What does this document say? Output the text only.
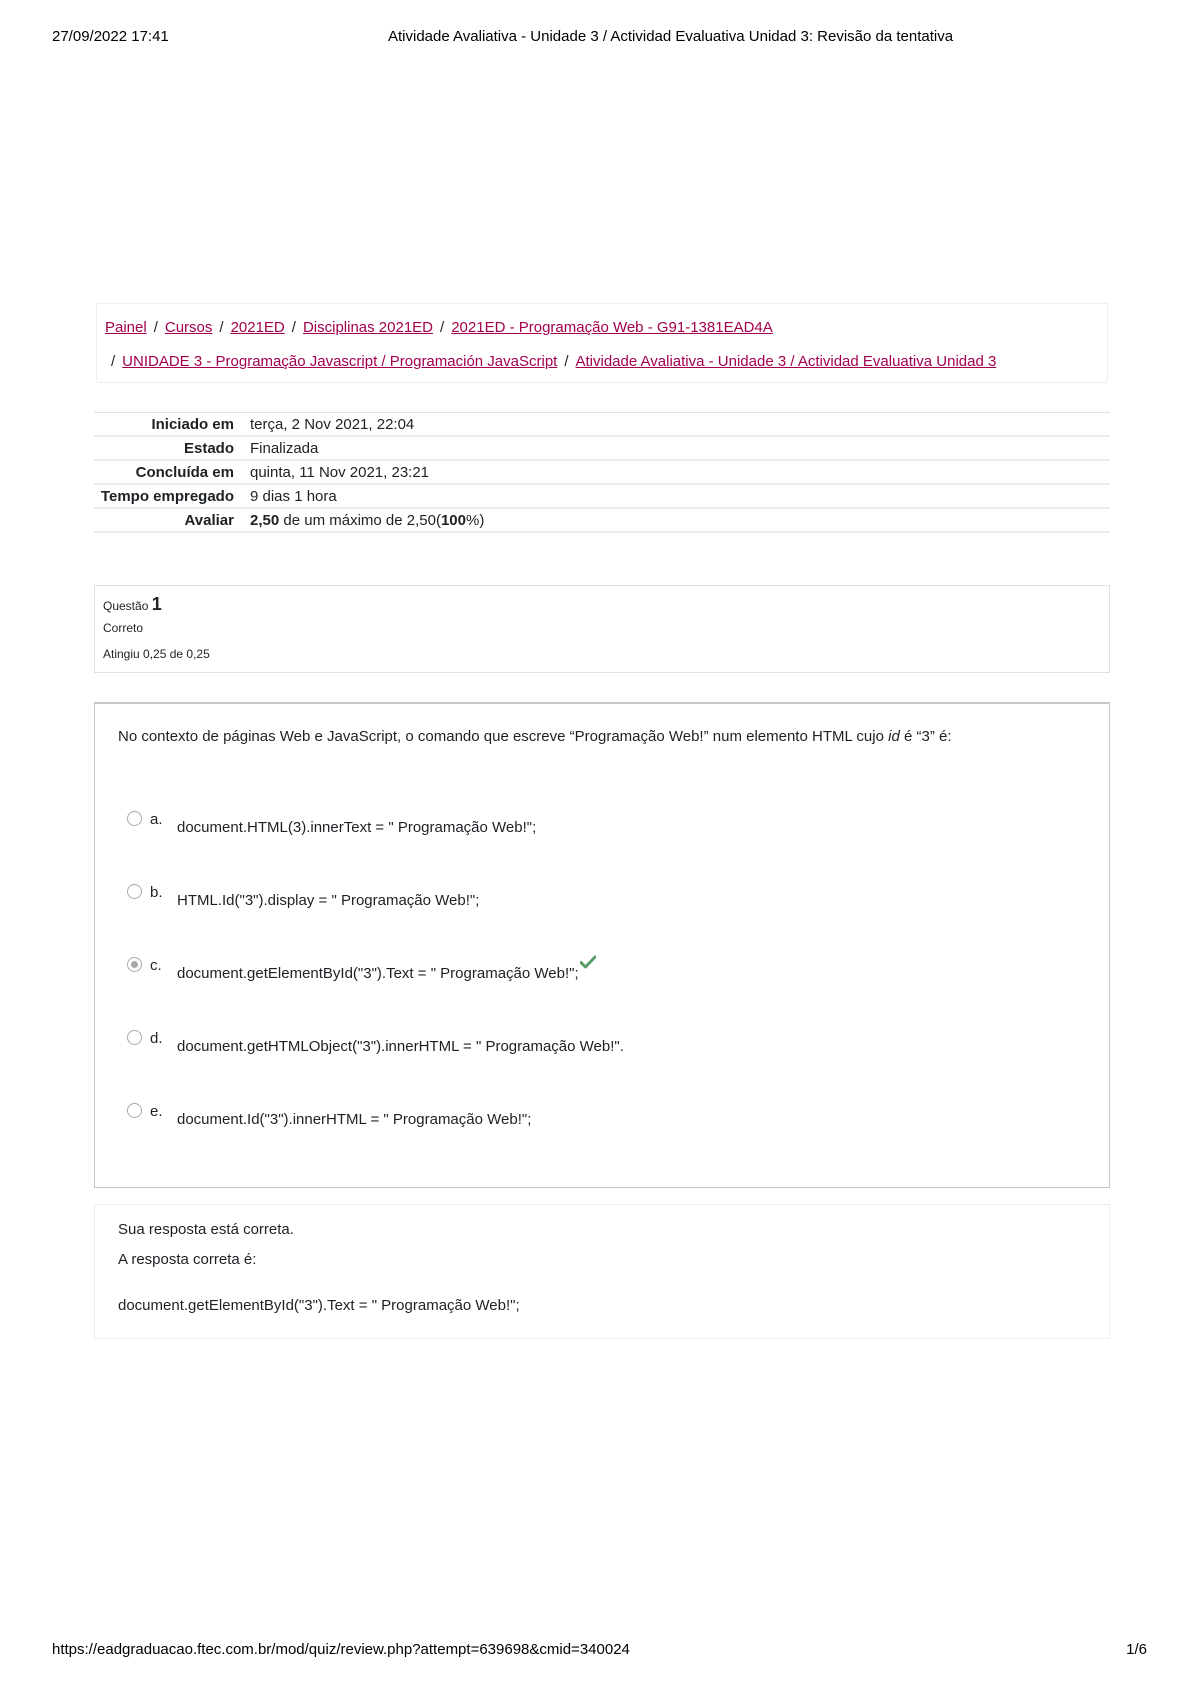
27/09/2022 17:41	Atividade Avaliativa - Unidade 3 / Actividad Evaluativa Unidad 3: Revisão da tentativa
Painel / Cursos / 2021ED / Disciplinas 2021ED / 2021ED - Programação Web - G91-1381EAD4A
/ UNIDADE 3 - Programação Javascript / Programación JavaScript / Atividade Avaliativa - Unidade 3 / Actividad Evaluativa Unidad 3
Iniciado em	terça, 2 Nov 2021, 22:04
Estado	Finalizada
Concluída em	quinta, 11 Nov 2021, 23:21
Tempo empregado	9 dias 1 hora
Avaliar	2,50 de um máximo de 2,50(100%)
Questão 1
Correto
Atingiu 0,25 de 0,25
No contexto de páginas Web e JavaScript, o comando que escreve “Programação Web!” num elemento HTML cujo id é “3” é:
a. document.HTML(3).innerText = " Programação Web!";
b. HTML.Id("3").display = " Programação Web!";
c. document.getElementById("3").Text = " Programação Web!";
d. document.getHTMLObject("3").innerHTML = " Programação Web!".
e. document.Id("3").innerHTML = " Programação Web!";
Sua resposta está correta.
A resposta correta é:
document.getElementById("3").Text = " Programação Web!";
https://eadgraduacao.ftec.com.br/mod/quiz/review.php?attempt=639698&cmid=340024	1/6
